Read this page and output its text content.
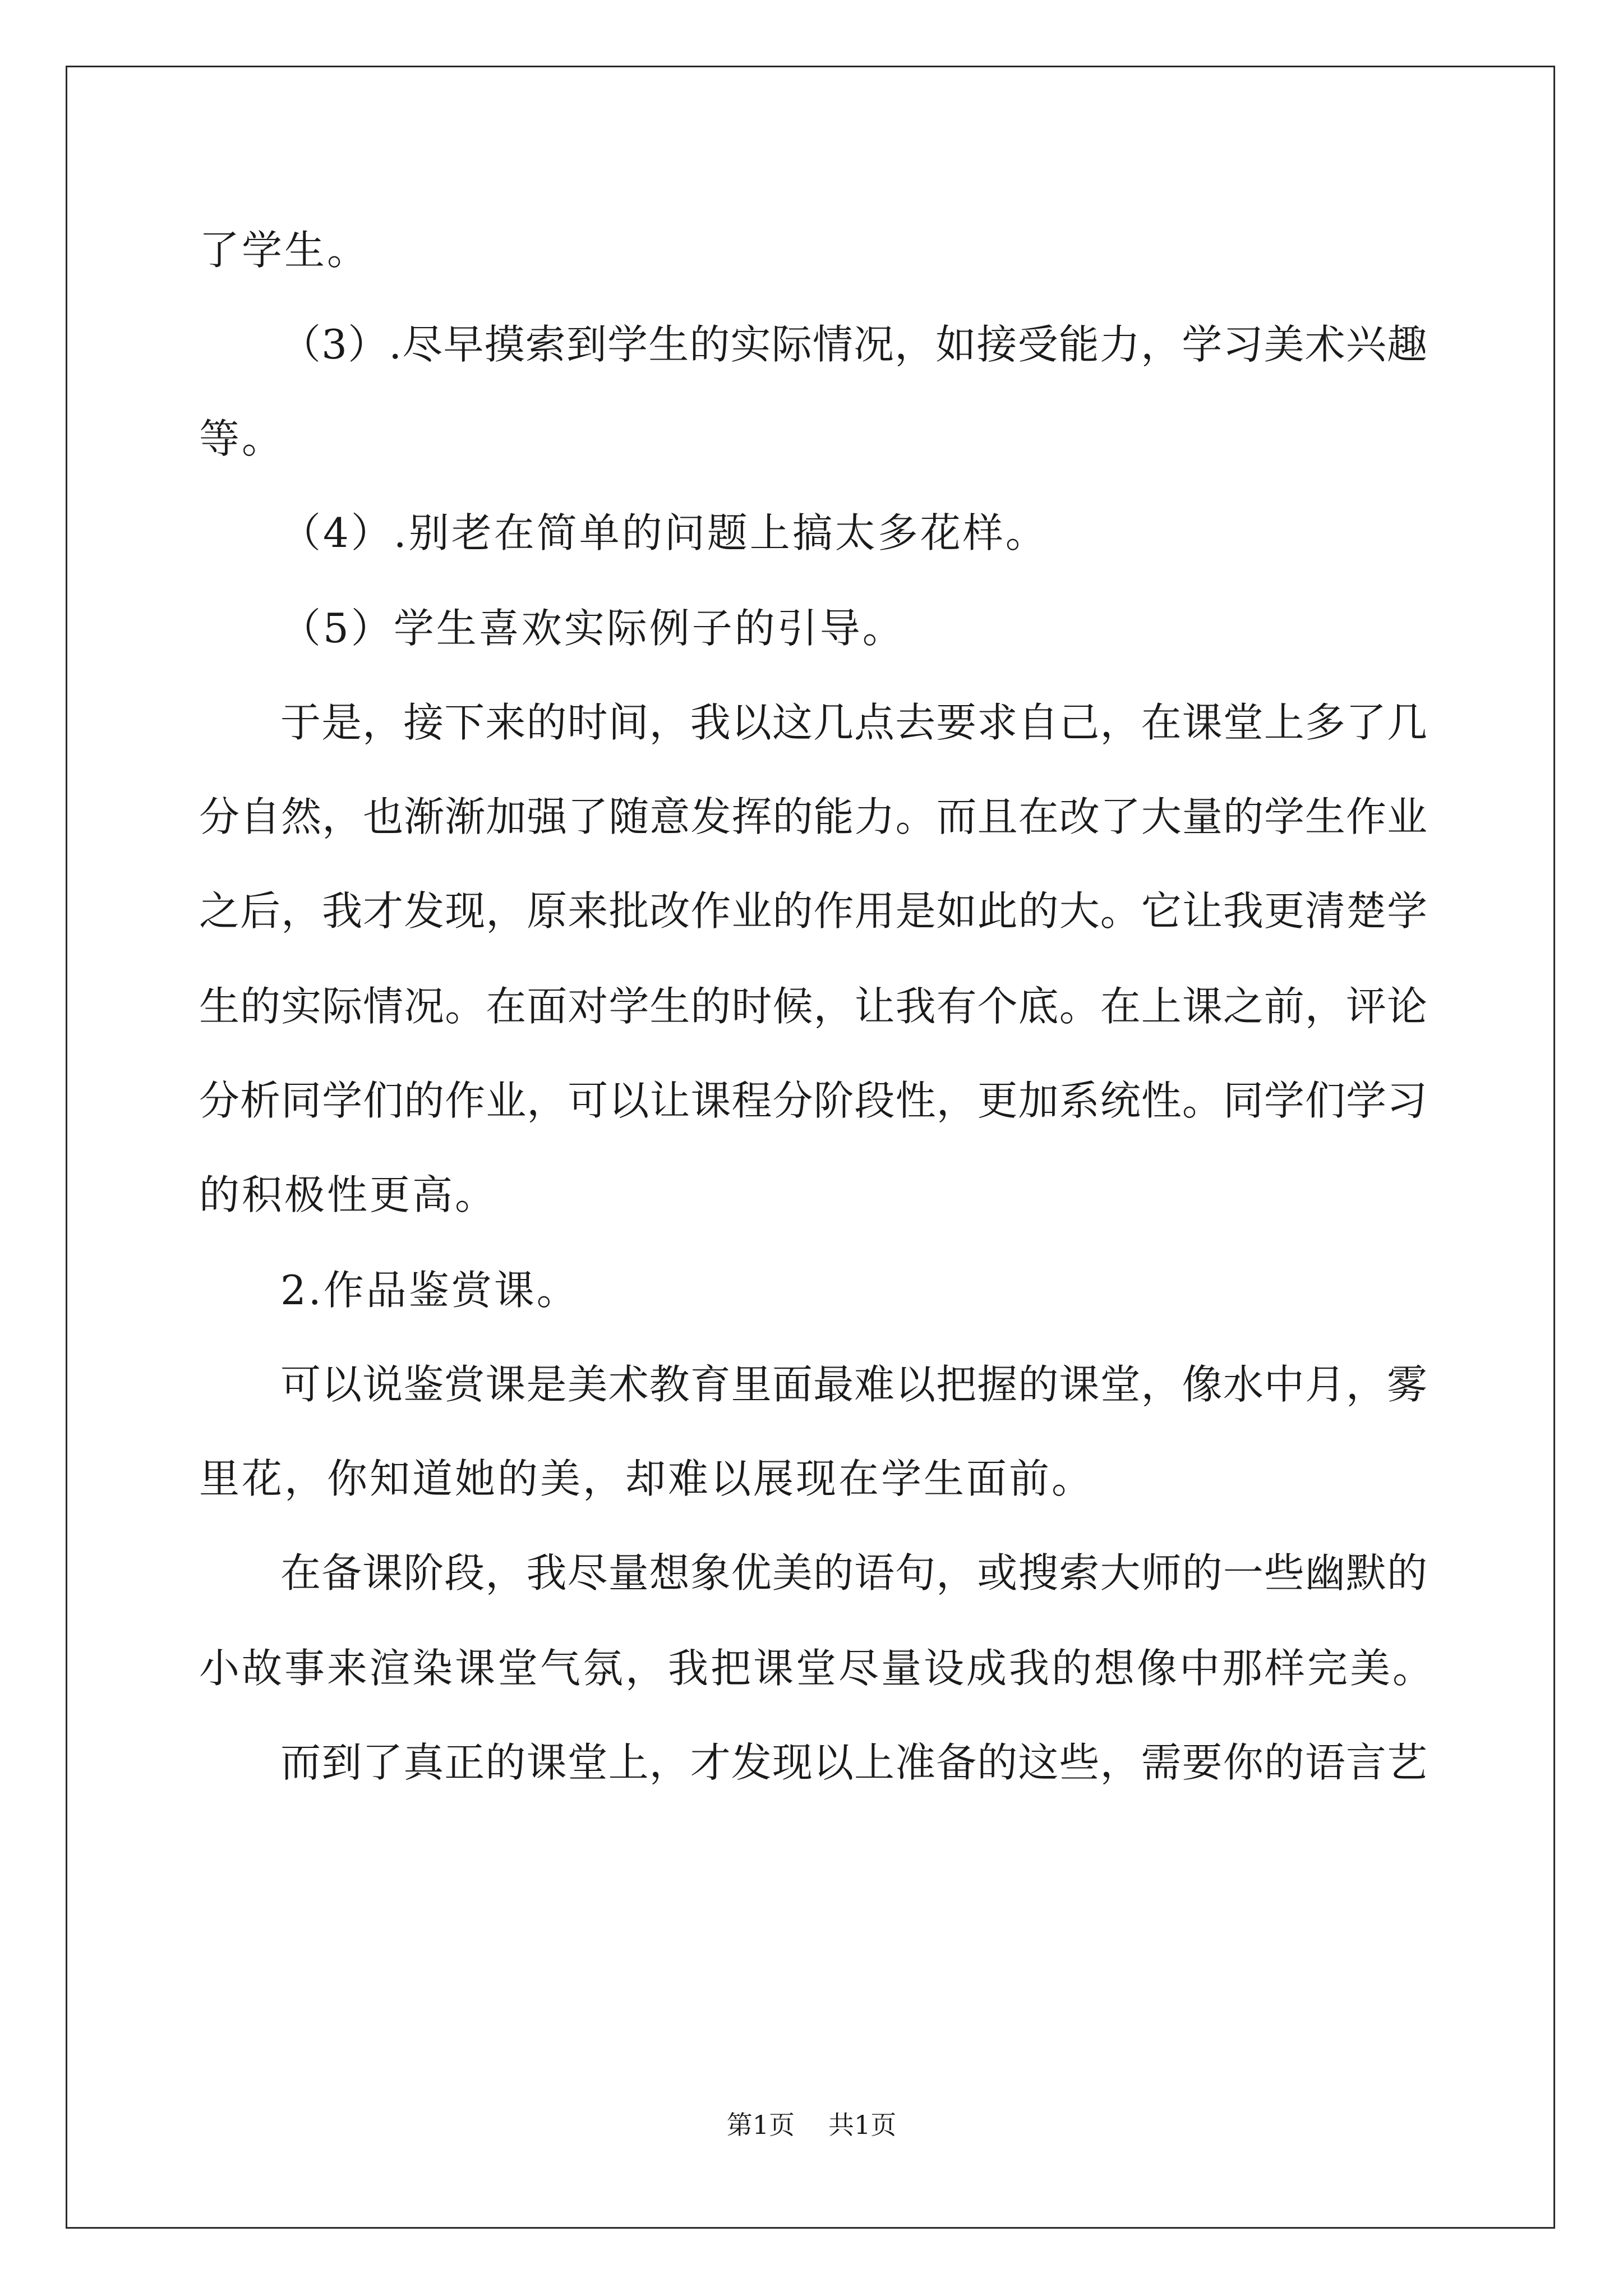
了学生。
（3）.尽早摸索到学生的实际情况，如接受能力，学习美术兴趣
等。
（4）.别老在简单的问题上搞太多花样。
（5）学生喜欢实际例子的引导。
于是，接下来的时间，我以这几点去要求自己，在课堂上多了几
分自然，也渐渐加强了随意发挥的能力。而且在改了大量的学生作业
之后，我才发现，原来批改作业的作用是如此的大。它让我更清楚学
生的实际情况。在面对学生的时候，让我有个底。在上课之前，评论
分析同学们的作业，可以让课程分阶段性，更加系统性。同学们学习
的积极性更高。
2.作品鉴赏课。
可以说鉴赏课是美术教育里面最难以把握的课堂，像水中月，雾
里花，你知道她的美，却难以展现在学生面前。
在备课阶段，我尽量想象优美的语句，或搜索大师的一些幽默的
小故事来渲染课堂气氛，我把课堂尽量设成我的想像中那样完美。
而到了真正的课堂上，才发现以上准备的这些，需要你的语言艺
第1页 共1页
